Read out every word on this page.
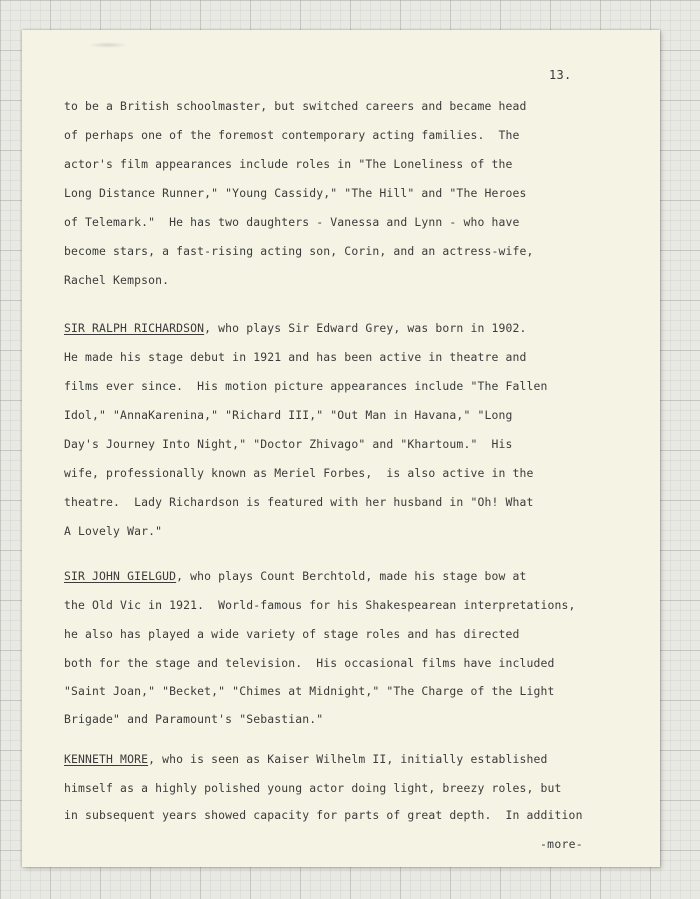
13.
to be a British schoolmaster, but switched careers and became head
of perhaps one of the foremost contemporary acting families.  The
actor's film appearances include roles in "The Loneliness of the
Long Distance Runner," "Young Cassidy," "The Hill" and "The Heroes
of Telemark."  He has two daughters - Vanessa and Lynn - who have
become stars, a fast-rising acting son, Corin, and an actress-wife,
Rachel Kempson.
SIR RALPH RICHARDSON, who plays Sir Edward Grey, was born in 1902.
He made his stage debut in 1921 and has been active in theatre and
films ever since.  His motion picture appearances include "The Fallen
Idol," "AnnaKarenina," "Richard III," "Out Man in Havana," "Long
Day's Journey Into Night," "Doctor Zhivago" and "Khartoum."  His
wife, professionally known as Meriel Forbes,  is also active in the
theatre.  Lady Richardson is featured with her husband in "Oh! What
A Lovely War."
SIR JOHN GIELGUD, who plays Count Berchtold, made his stage bow at
the Old Vic in 1921.  World-famous for his Shakespearean interpretations,
he also has played a wide variety of stage roles and has directed
both for the stage and television.  His occasional films have included
"Saint Joan," "Becket," "Chimes at Midnight," "The Charge of the Light
Brigade" and Paramount's "Sebastian."
KENNETH MORE, who is seen as Kaiser Wilhelm II, initially established
himself as a highly polished young actor doing light, breezy roles, but
in subsequent years showed capacity for parts of great depth.  In addition
-more-
